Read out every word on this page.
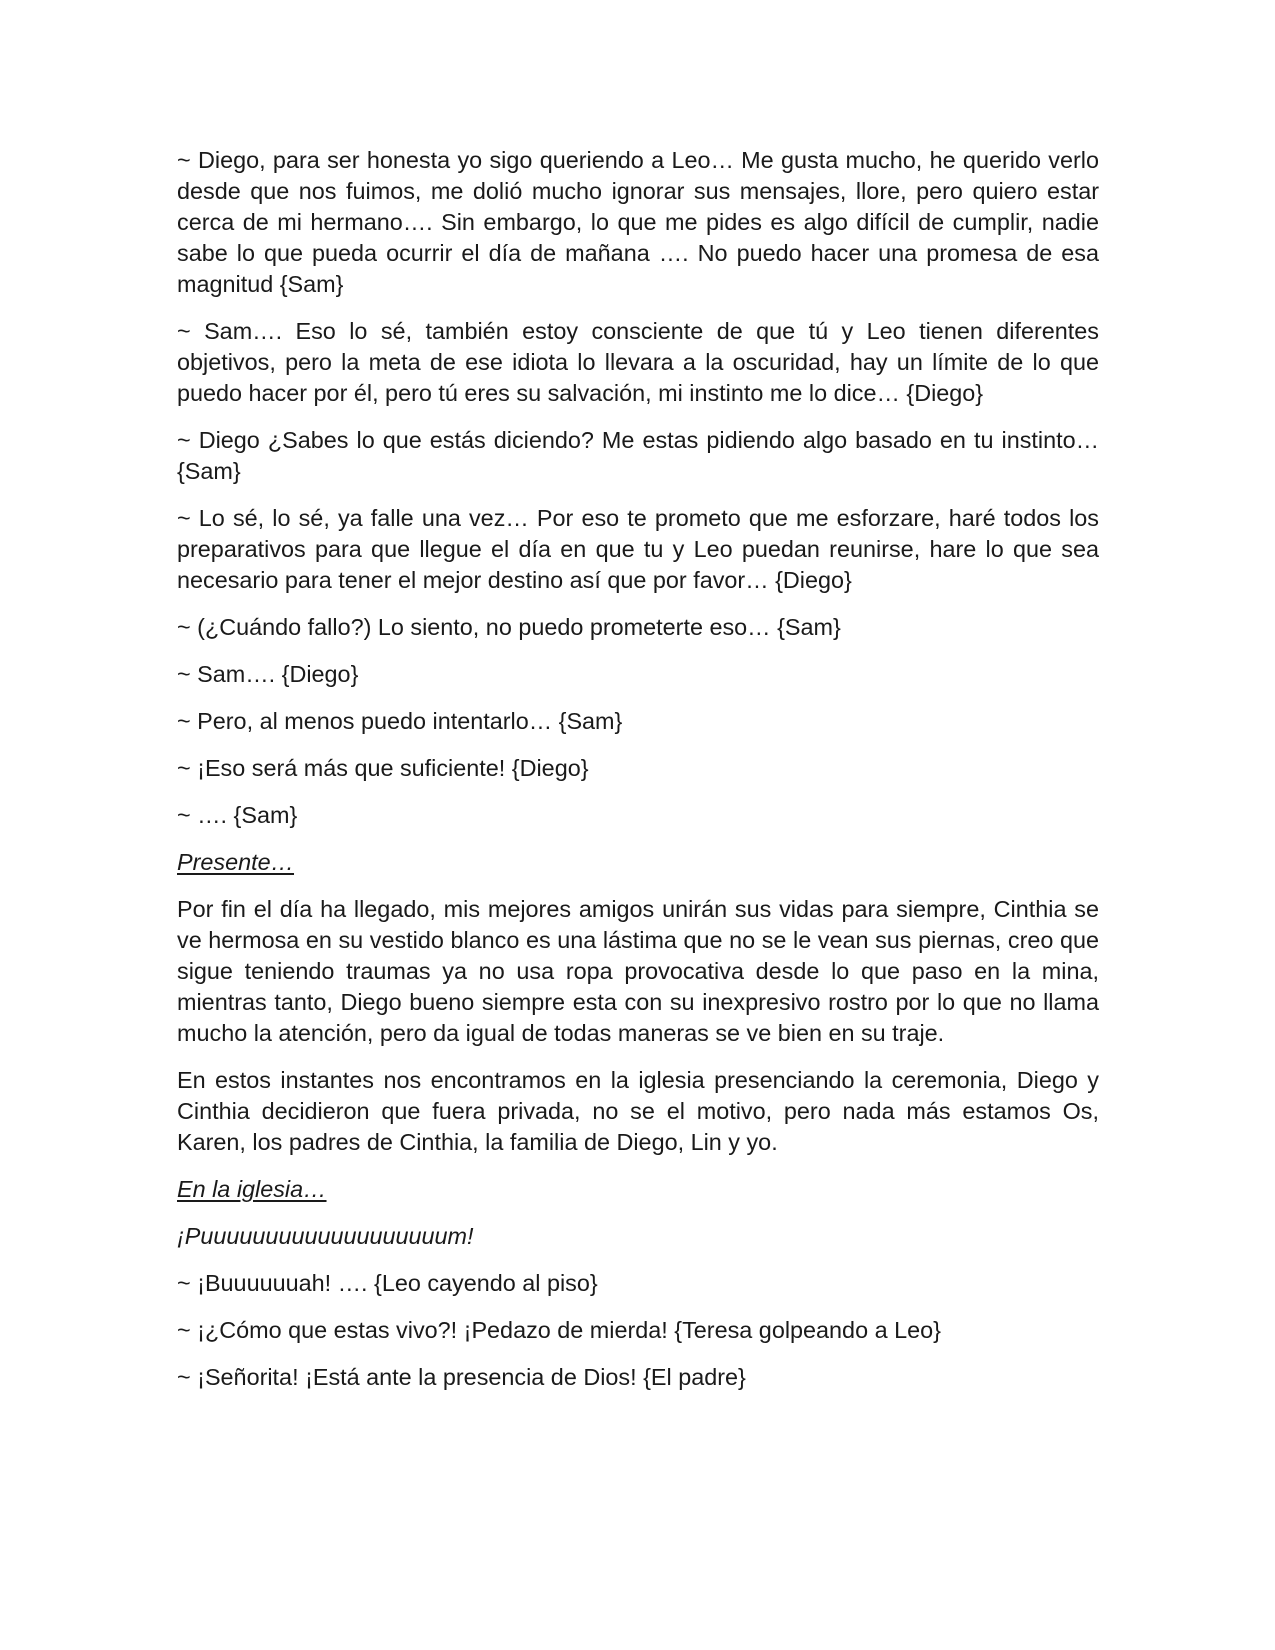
~ Diego, para ser honesta yo sigo queriendo a Leo… Me gusta mucho, he querido verlo desde que nos fuimos, me dolió mucho ignorar sus mensajes, llore, pero quiero estar cerca de mi hermano…. Sin embargo, lo que me pides es algo difícil de cumplir, nadie sabe lo que pueda ocurrir el día de mañana …. No puedo hacer una promesa de esa magnitud {Sam}

~ Sam…. Eso lo sé, también estoy consciente de que tú y Leo tienen diferentes objetivos, pero la meta de ese idiota lo llevara a la oscuridad, hay un límite de lo que puedo hacer por él, pero tú eres su salvación, mi instinto me lo dice… {Diego}

~ Diego ¿Sabes lo que estás diciendo? Me estas pidiendo algo basado en tu instinto… {Sam}

~ Lo sé, lo sé, ya falle una vez… Por eso te prometo que me esforzare, haré todos los preparativos para que llegue el día en que tu y Leo puedan reunirse, hare lo que sea necesario para tener el mejor destino así que por favor… {Diego}

~ (¿Cuándo fallo?) Lo siento, no puedo prometerte eso… {Sam}

~ Sam…. {Diego}

~ Pero, al menos puedo intentarlo… {Sam}

~ ¡Eso será más que suficiente! {Diego}

~ …. {Sam}

Presente…

Por fin el día ha llegado, mis mejores amigos unirán sus vidas para siempre, Cinthia se ve hermosa en su vestido blanco es una lástima que no se le vean sus piernas, creo que sigue teniendo traumas ya no usa ropa provocativa desde lo que paso en la mina, mientras tanto, Diego bueno siempre esta con su inexpresivo rostro por lo que no llama mucho la atención, pero da igual de todas maneras se ve bien en su traje.

En estos instantes nos encontramos en la iglesia presenciando la ceremonia, Diego y Cinthia decidieron que fuera privada, no se el motivo, pero nada más estamos Os, Karen, los padres de Cinthia, la familia de Diego, Lin y yo.

En la iglesia…

¡Puuuuuuuuuuuuuuuuuuum!

~ ¡Buuuuuuah! …. {Leo cayendo al piso}

~ ¡¿Cómo que estas vivo?! ¡Pedazo de mierda! {Teresa golpeando a Leo}

~ ¡Señorita! ¡Está ante la presencia de Dios! {El padre}
